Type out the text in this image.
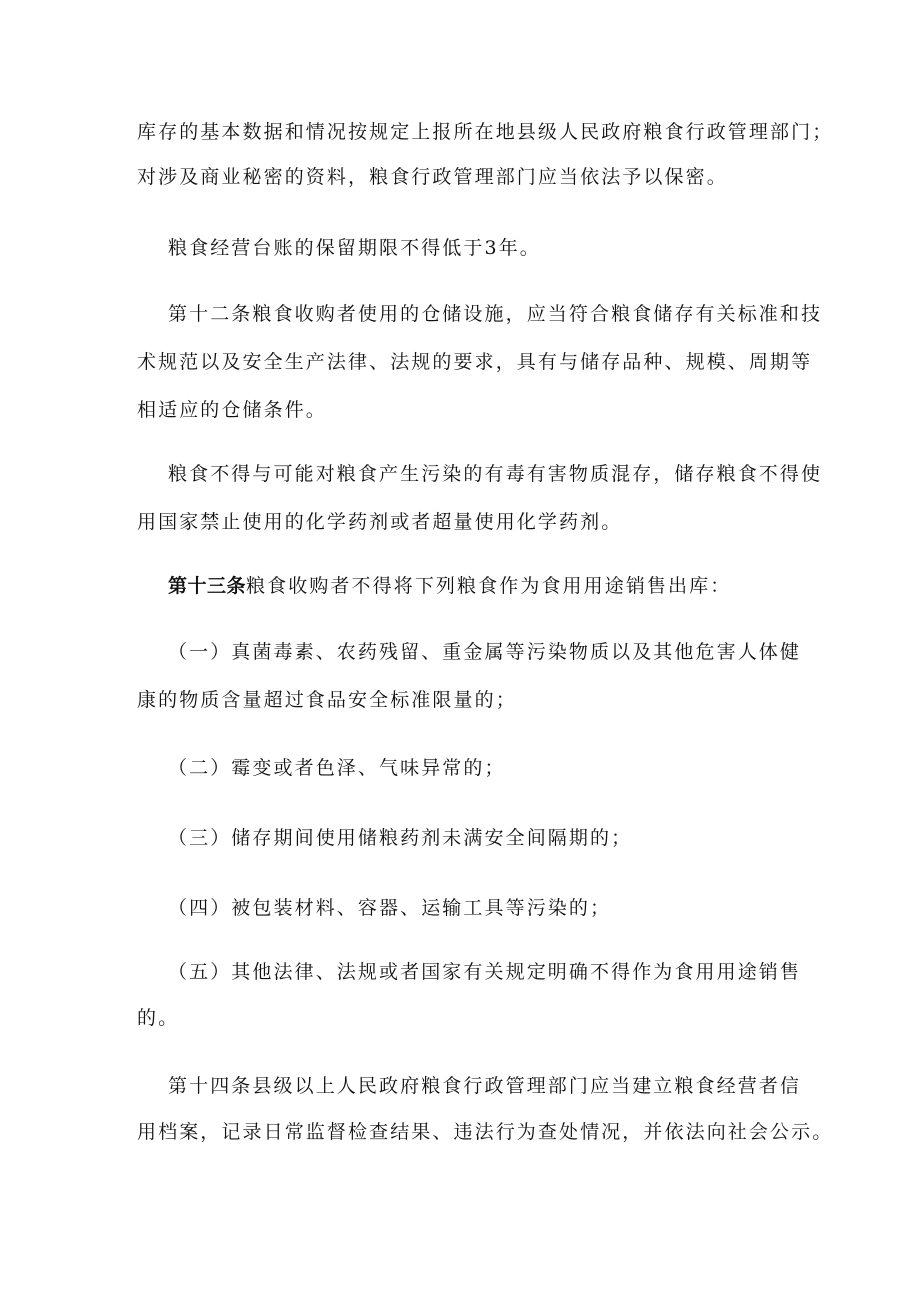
库存的基本数据和情况按规定上报所在地县级人民政府粮食行政管理部门；
对涉及商业秘密的资料，粮食行政管理部门应当依法予以保密。
粮食经营台账的保留期限不得低于3年。
第十二条粮食收购者使用的仓储设施，应当符合粮食储存有关标准和技
术规范以及安全生产法律、法规的要求，具有与储存品种、规模、周期等
相适应的仓储条件。
粮食不得与可能对粮食产生污染的有毒有害物质混存，储存粮食不得使
用国家禁止使用的化学药剂或者超量使用化学药剂。
第十三条粮食收购者不得将下列粮食作为食用用途销售出库：
（一）真菌毒素、农药残留、重金属等污染物质以及其他危害人体健
康的物质含量超过食品安全标准限量的；
（二）霉变或者色泽、气味异常的；
（三）储存期间使用储粮药剂未满安全间隔期的；
（四）被包装材料、容器、运输工具等污染的；
（五）其他法律、法规或者国家有关规定明确不得作为食用用途销售
的。
第十四条县级以上人民政府粮食行政管理部门应当建立粮食经营者信
用档案，记录日常监督检查结果、违法行为查处情况，并依法向社会公示。
